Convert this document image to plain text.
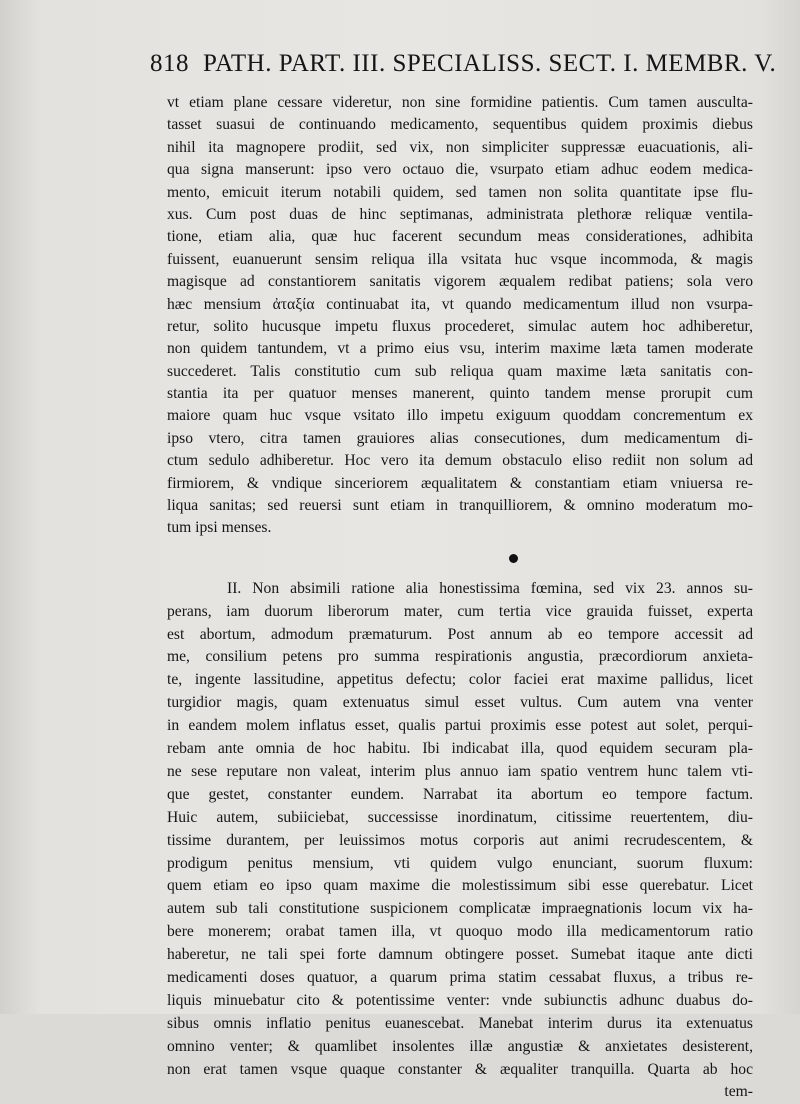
818 PATH. PART. III. SPECIALISS. SECT. I. MEMBR. V.
vt etiam plane cessare videretur, non sine formidine patientis. Cum tamen ausculta-
tasset suasui de continuando medicamento, sequentibus quidem proximis diebus
nihil ita magnopere prodiit, sed vix, non simpliciter suppressæ euacuationis, ali-
qua signa manserunt: ipso vero octauo die, vsurpato etiam adhuc eodem medica-
mento, emicuit iterum notabili quidem, sed tamen non solita quantitate ipse flu-
xus. Cum post duas de hinc septimanas, administrata plethoræ reliquæ ventila-
tione, etiam alia, quæ huc facerent secundum meas considerationes, adhibita
fuissent, euanuerunt sensim reliqua illa vsitata huc vsque incommoda, & magis
magisque ad constantiorem sanitatis vigorem æqualem redibat patiens; sola vero
hæc mensium ἀταξία continuabat ita, vt quando medicamentum illud non vsurpa-
retur, solito hucusque impetu fluxus procederet, simulac autem hoc adhiberetur,
non quidem tantundem, vt a primo eius vsu, interim maxime læta tamen moderate
succederet. Talis constitutio cum sub reliqua quam maxime læta sanitatis con-
stantia ita per quatuor menses manerent, quinto tandem mense prorupit cum
maiore quam huc vsque vsitato illo impetu exiguum quoddam concrementum ex
ipso vtero, citra tamen grauiores alias consecutiones, dum medicamentum di-
ctum sedulo adhiberetur. Hoc vero ita demum obstaculo eliso rediit non solum ad
firmiorem, & vndique sinceriorem æqualitatem & constantiam etiam vniuersa re-
liqua sanitas; sed reuersi sunt etiam in tranquilliorem, & omnino moderatum mo-
tum ipsi menses.
II. Non absimili ratione alia honestissima fœmina, sed vix 23. annos su-
perans, iam duorum liberorum mater, cum tertia vice grauida fuisset, experta
est abortum, admodum præmaturum. Post annum ab eo tempore accessit ad
me, consilium petens pro summa respirationis angustia, præcordiorum anxieta-
te, ingente lassitudine, appetitus defectu; color faciei erat maxime pallidus, licet
turgidior magis, quam extenuatus simul esset vultus. Cum autem vna venter
in eandem molem inflatus esset, qualis partui proximis esse potest aut solet, perqui-
rebam ante omnia de hoc habitu. Ibi indicabat illa, quod equidem securam pla-
ne sese reputare non valeat, interim plus annuo iam spatio ventrem hunc talem vti-
que gestet, constanter eundem. Narrabat ita abortum eo tempore factum.
Huic autem, subiiciebat, successisse inordinatum, citissime reuertentem, diu-
tissime durantem, per leuissimos motus corporis aut animi recrudescentem, &
prodigum penitus mensium, vti quidem vulgo enunciant, suorum fluxum:
quem etiam eo ipso quam maxime die molestissimum sibi esse querebatur. Licet
autem sub tali constitutione suspicionem complicatæ impraegnationis locum vix ha-
bere monerem; orabat tamen illa, vt quoquo modo illa medicamentorum ratio
haberetur, ne tali spei forte damnum obtingere posset. Sumebat itaque ante dicti
medicamenti doses quatuor, a quarum prima statim cessabat fluxus, a tribus re-
liquis minuebatur cito & potentissime venter: vnde subiunctis adhunc duabus do-
sibus omnis inflatio penitus euanescebat. Manebat interim durus ita extenuatus
omnino venter; & quamlibet insolentes illæ angustiæ & anxietates desisterent,
non erat tamen vsque quaque constanter & æqualiter tranquilla. Quarta ab hoc
tem-
